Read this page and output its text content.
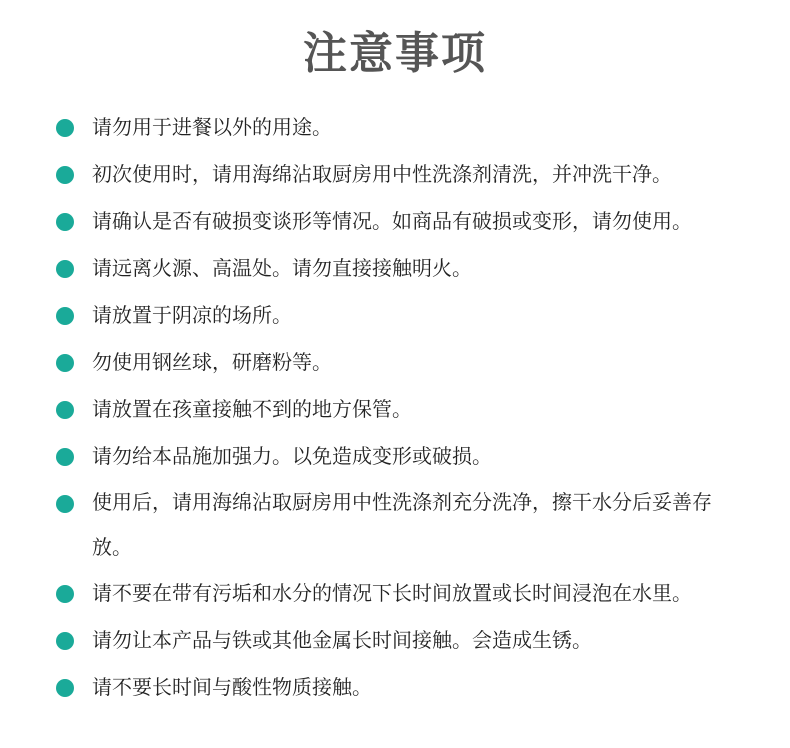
注意事项
请勿用于进餐以外的用途。
初次使用时，请用海绵沾取厨房用中性洗涤剂清洗，并冲洗干净。
请确认是否有破损变谈形等情况。如商品有破损或变形，请勿使用。
请远离火源、高温处。请勿直接接触明火。
请放置于阴凉的场所。
勿使用钢丝球，研磨粉等。
请放置在孩童接触不到的地方保管。
请勿给本品施加强力。以免造成变形或破损。
使用后，请用海绵沾取厨房用中性洗涤剂充分洗净，擦干水分后妥善存放。
请不要在带有污垢和水分的情况下长时间放置或长时间浸泡在水里。
请勿让本产品与铁或其他金属长时间接触。会造成生锈。
请不要长时间与酸性物质接触。
